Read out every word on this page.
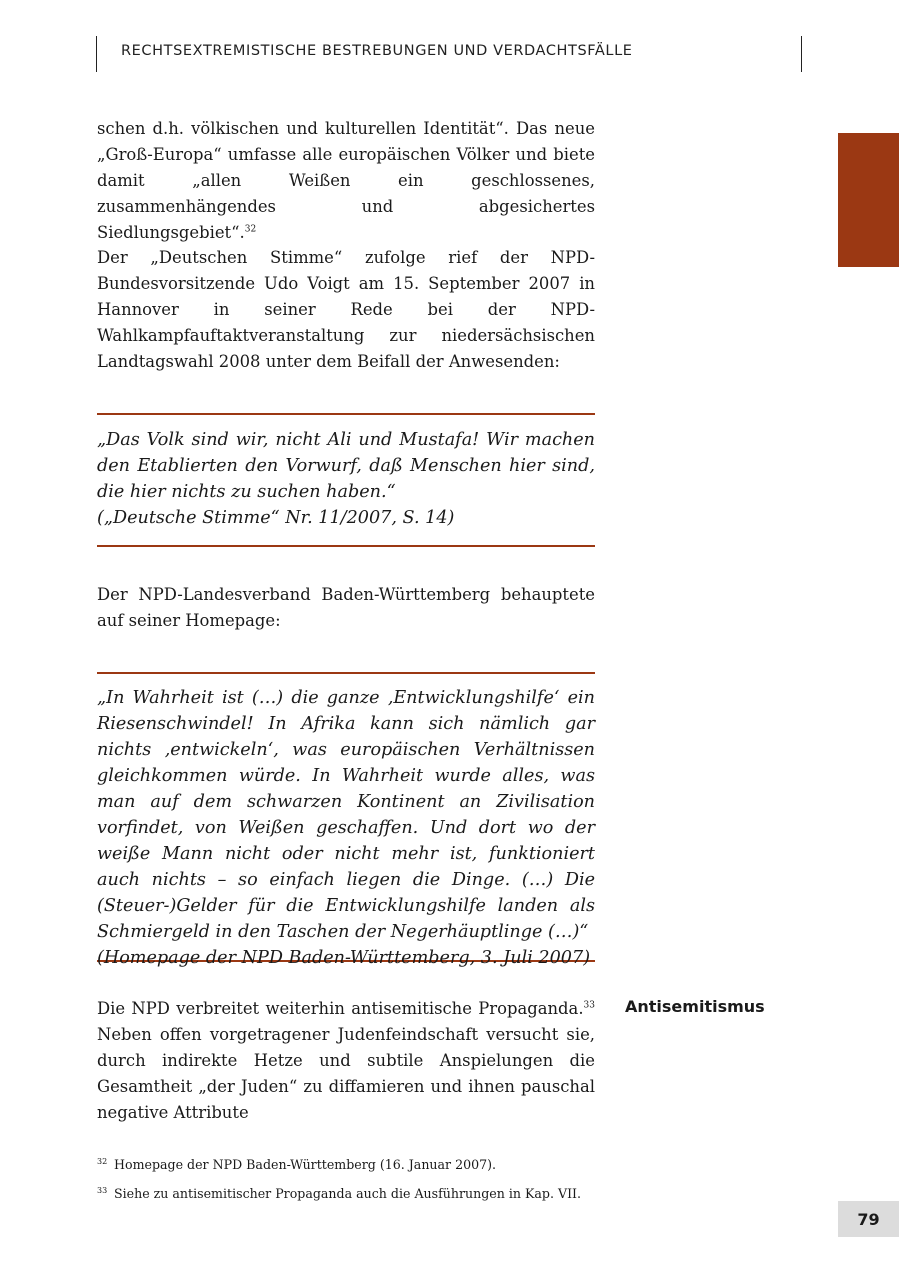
RECHTSEXTREMISTISCHE BESTREBUNGEN UND VERDACHTSFÄLLE

schen d.h. völkischen und kulturellen Identität“. Das neue „Groß-Europa“ umfasse alle europäischen Völker und biete damit „allen Weißen ein geschlossenes, zusammenhängendes und abgesichertes Siedlungsgebiet“.$^{32}$

Der „Deutschen Stimme“ zufolge rief der NPD-Bundesvorsitzende Udo Voigt am 15. September 2007 in Hannover in seiner Rede bei der NPD-Wahlkampfauftaktveranstaltung zur niedersächsischen Landtagswahl 2008 unter dem Beifall der Anwesenden:

„Das Volk sind wir, nicht Ali und Mustafa! Wir machen den Etablierten den Vorwurf, daß Menschen hier sind, die hier nichts zu suchen haben.“
(„Deutsche Stimme“ Nr. 11/2007, S. 14)

Der NPD-Landesverband Baden-Württemberg behauptete auf seiner Homepage:

„In Wahrheit ist (…) die ganze ‚Entwicklungshilfe‘ ein Riesenschwindel! In Afrika kann sich nämlich gar nichts ‚entwickeln‘, was europäischen Verhältnissen gleichkommen würde. In Wahrheit wurde alles, was man auf dem schwarzen Kontinent an Zivilisation vorfindet, von Weißen geschaffen. Und dort wo der weiße Mann nicht oder nicht mehr ist, funktioniert auch nichts – so einfach liegen die Dinge. (…) Die (Steuer-)Gelder für die Entwicklungshilfe landen als Schmiergeld in den Taschen der Negerhäuptlinge (…)“
(Homepage der NPD Baden-Württemberg, 3. Juli 2007)

Die NPD verbreitet weiterhin antisemitische Propaganda.$^{33}$ Neben offen vorgetragener Judenfeindschaft versucht sie, durch indirekte Hetze und subtile Anspielungen die Gesamtheit „der Juden“ zu diffamieren und ihnen pauschal negative Attribute

Antisemitismus
32 Homepage der NPD Baden-Württemberg (16. Januar 2007).
33 Siehe zu antisemitischer Propaganda auch die Ausführungen in Kap. VII.
79
